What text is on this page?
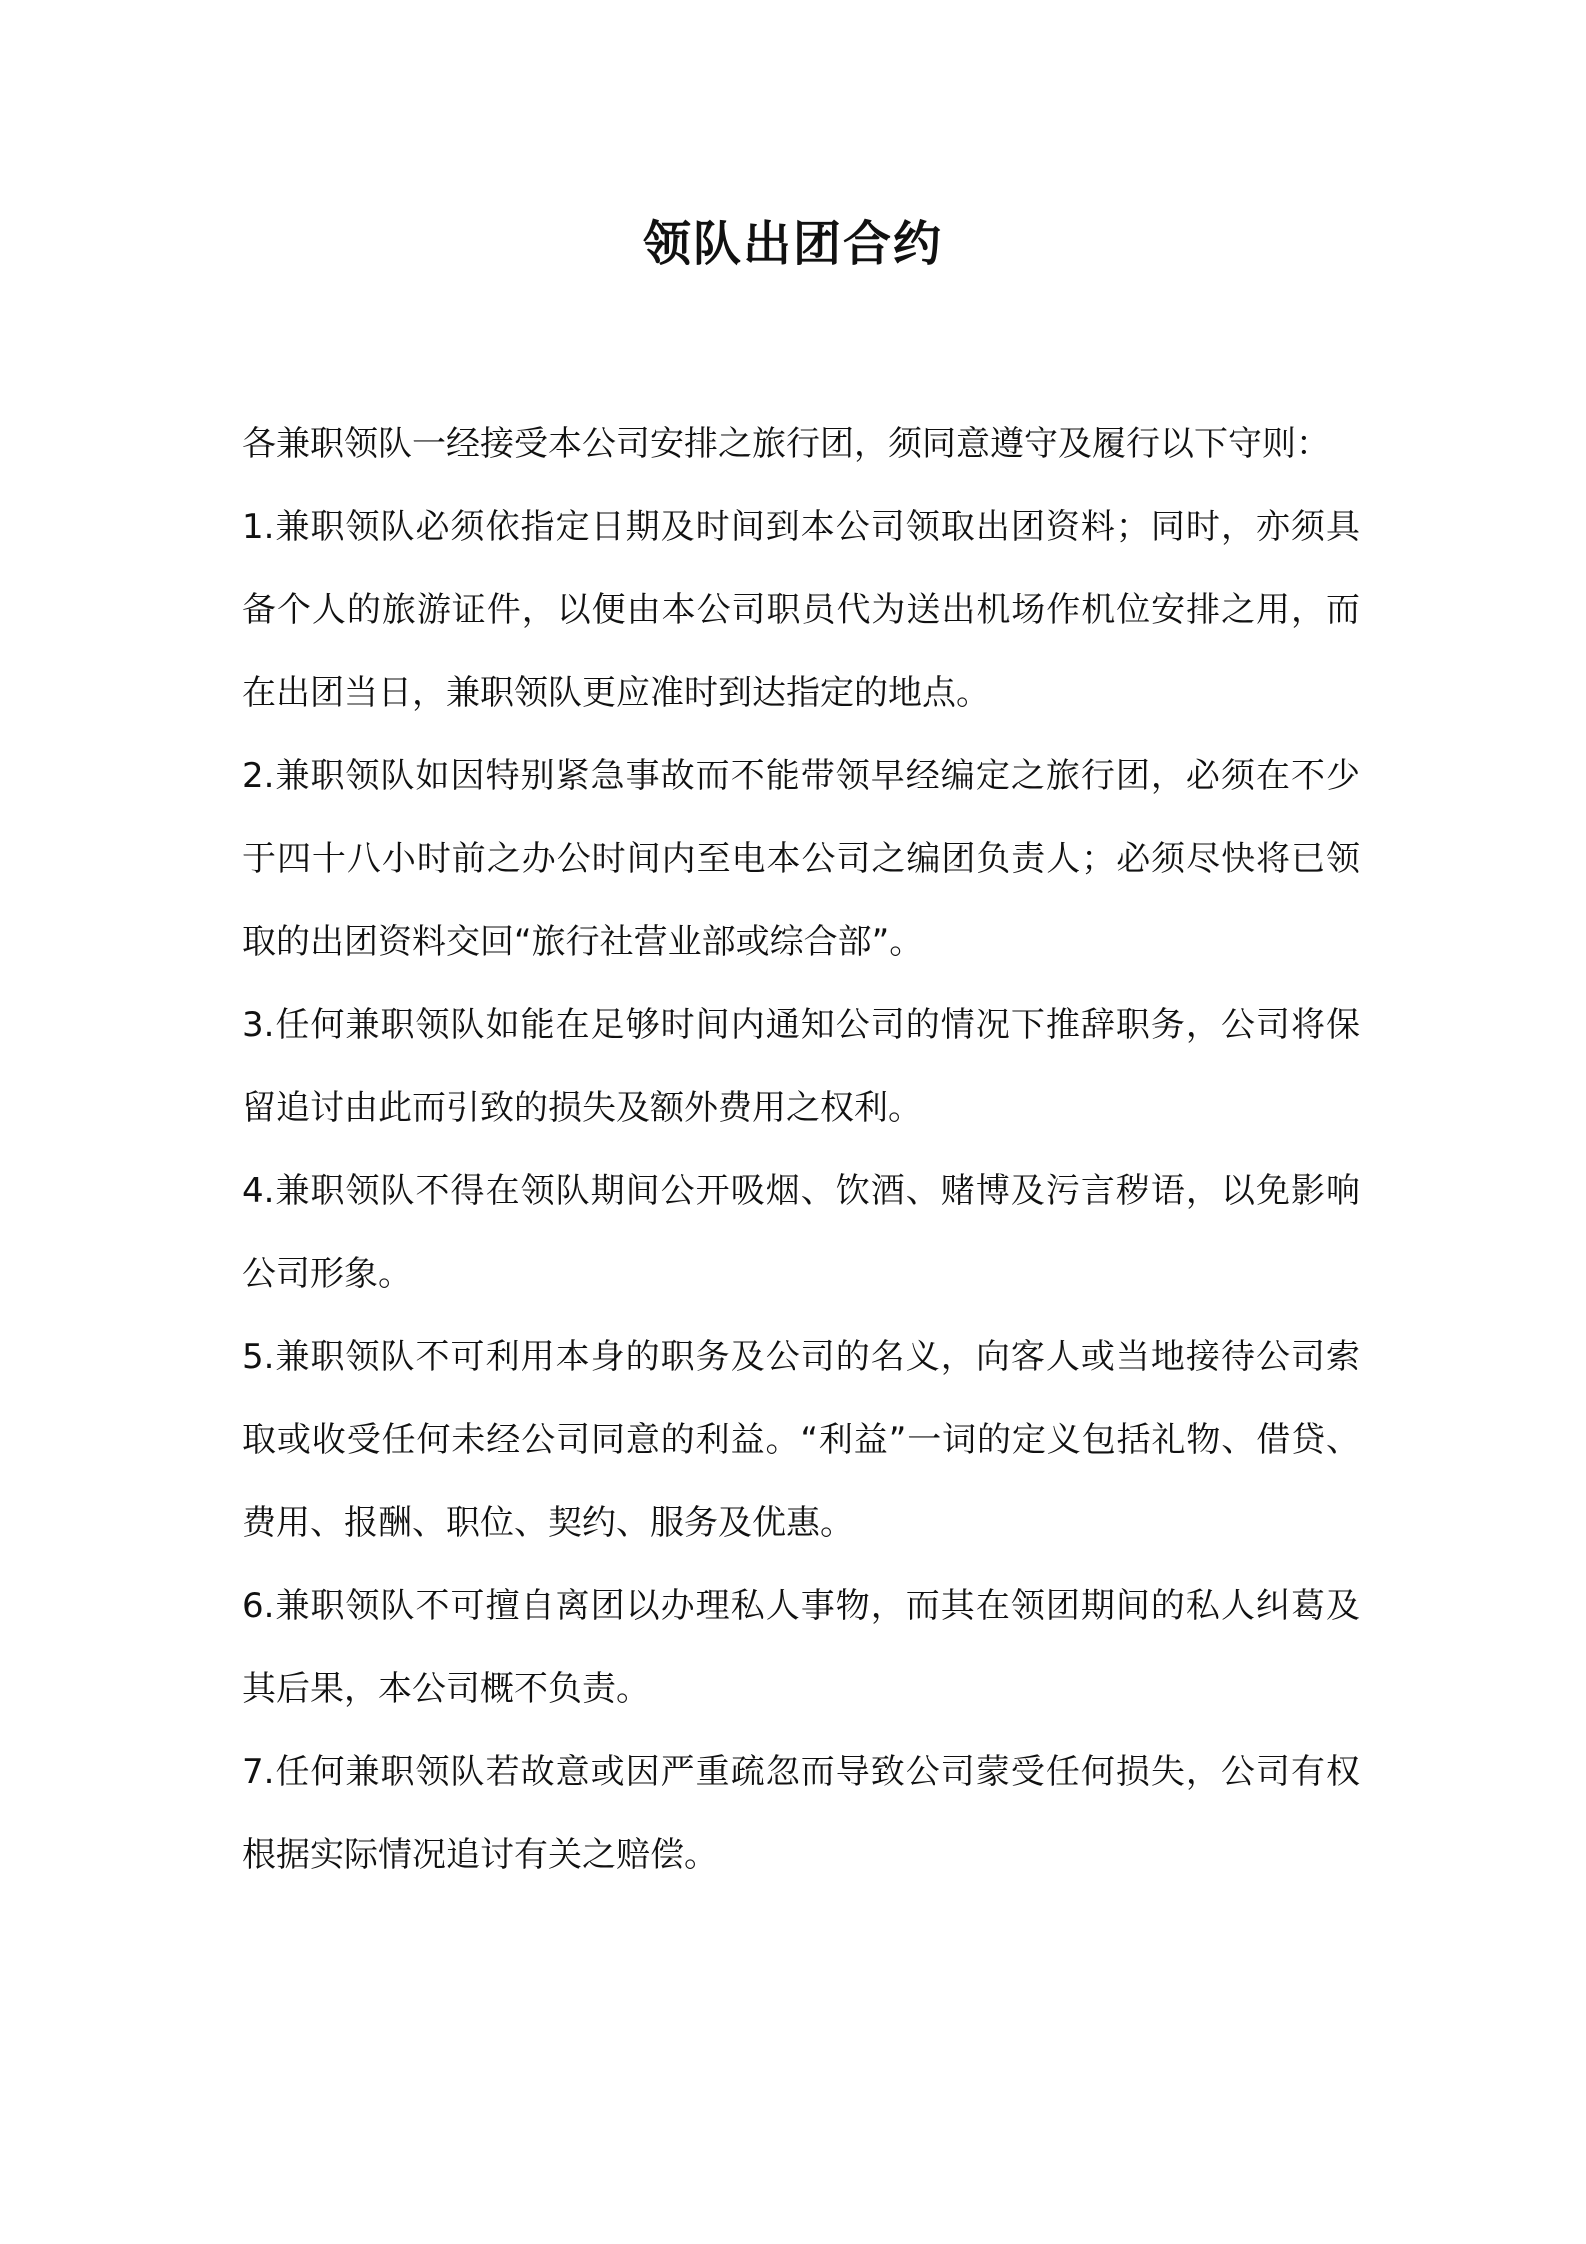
领队出团合约

各兼职领队一经接受本公司安排之旅行团，须同意遵守及履行以下守则：

1.兼职领队必须依指定日期及时间到本公司领取出团资料；同时，亦须具备个人的旅游证件，以便由本公司职员代为送出机场作机位安排之用，而在出团当日，兼职领队更应准时到达指定的地点。

2.兼职领队如因特别紧急事故而不能带领早经编定之旅行团，必须在不少于四十八小时前之办公时间内至电本公司之编团负责人；必须尽快将已领取的出团资料交回“旅行社营业部或综合部”。

3.任何兼职领队如能在足够时间内通知公司的情况下推辞职务，公司将保留追讨由此而引致的损失及额外费用之权利。

4.兼职领队不得在领队期间公开吸烟、饮酒、赌博及污言秽语，以免影响公司形象。

5.兼职领队不可利用本身的职务及公司的名义，向客人或当地接待公司索取或收受任何未经公司同意的利益。“利益”一词的定义包括礼物、借贷、费用、报酬、职位、契约、服务及优惠。

6.兼职领队不可擅自离团以办理私人事物，而其在领团期间的私人纠葛及其后果，本公司概不负责。

7.任何兼职领队若故意或因严重疏忽而导致公司蒙受任何损失，公司有权根据实际情况追讨有关之赔偿。
